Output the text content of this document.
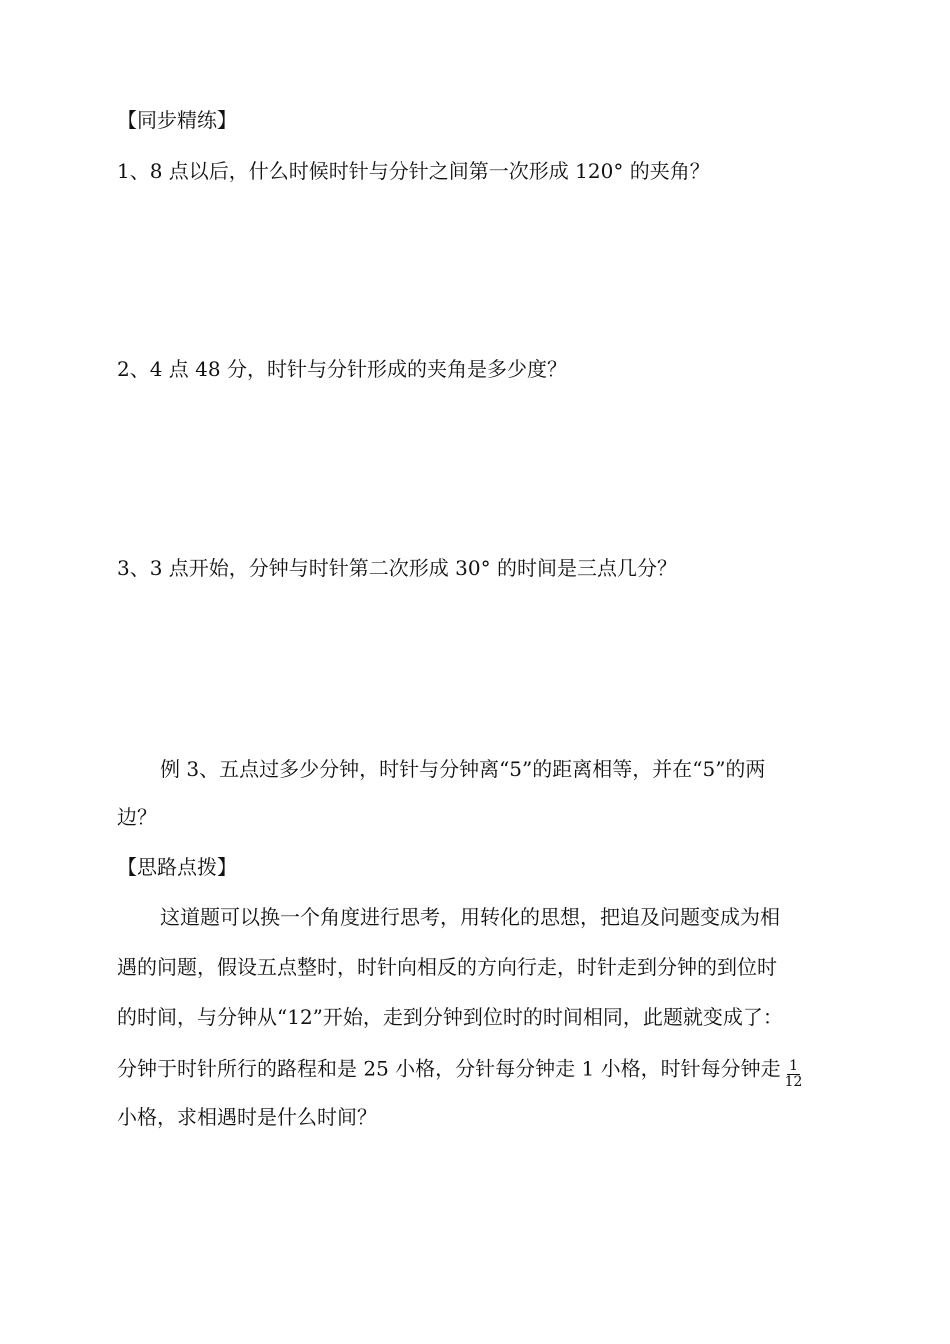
【同步精练】
1、8 点以后，什么时候时针与分针之间第一次形成 120° 的夹角？
2、4 点 48 分，时针与分针形成的夹角是多少度？
3、3 点开始，分钟与时针第二次形成 30° 的时间是三点几分？
例 3、五点过多少分钟，时针与分钟离“5”的距离相等，并在“5”的两
边？
【思路点拨】
这道题可以换一个角度进行思考，用转化的思想，把追及问题变成为相
遇的问题，假设五点整时，时针向相反的方向行走，时针走到分钟的到位时
的时间，与分钟从“12”开始，走到分钟到位时的时间相同，此题就变成了：
分钟于时针所行的路程和是 25 小格，分针每分钟走 1 小格，时针每分钟走 $\frac{1}{12}$
小格，求相遇时是什么时间？
